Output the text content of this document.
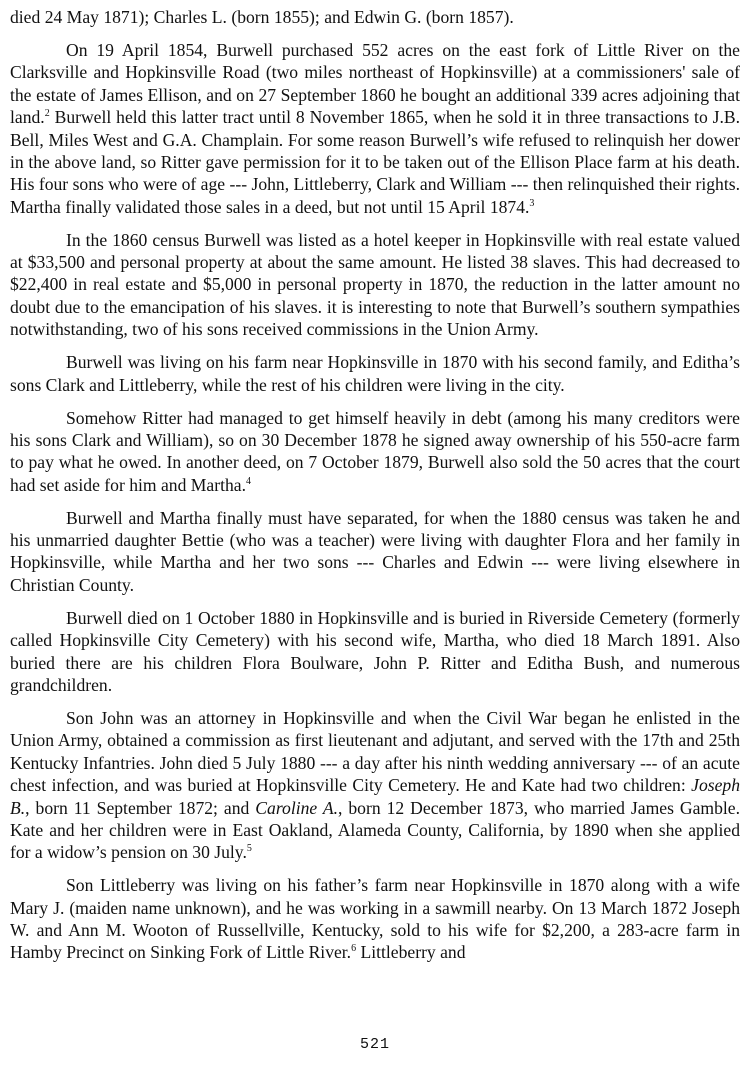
died 24 May 1871); Charles L. (born 1855); and Edwin G. (born 1857).

On 19 April 1854, Burwell purchased 552 acres on the east fork of Little River on the Clarksville and Hopkinsville Road (two miles northeast of Hopkinsville) at a commissioners' sale of the estate of James Ellison, and on 27 September 1860 he bought an additional 339 acres adjoining that land.$^2$ Burwell held this latter tract until 8 November 1865, when he sold it in three transactions to J.B. Bell, Miles West and G.A. Champlain. For some reason Burwell’s wife refused to relinquish her dower in the above land, so Ritter gave permission for it to be taken out of the Ellison Place farm at his death. His four sons who were of age --- John, Littleberry, Clark and William --- then relinquished their rights. Martha finally validated those sales in a deed, but not until 15 April 1874.$^3$

In the 1860 census Burwell was listed as a hotel keeper in Hopkinsville with real estate valued at $33,500 and personal property at about the same amount. He listed 38 slaves. This had decreased to $22,400 in real estate and $5,000 in personal property in 1870, the reduction in the latter amount no doubt due to the emancipation of his slaves. it is interesting to note that Burwell’s southern sympathies notwithstanding, two of his sons received commissions in the Union Army.

Burwell was living on his farm near Hopkinsville in 1870 with his second family, and Editha’s sons Clark and Littleberry, while the rest of his children were living in the city.

Somehow Ritter had managed to get himself heavily in debt (among his many creditors were his sons Clark and William), so on 30 December 1878 he signed away ownership of his 550-acre farm to pay what he owed. In another deed, on 7 October 1879, Burwell also sold the 50 acres that the court had set aside for him and Martha.$^4$

Burwell and Martha finally must have separated, for when the 1880 census was taken he and his unmarried daughter Bettie (who was a teacher) were living with daughter Flora and her family in Hopkinsville, while Martha and her two sons --- Charles and Edwin --- were living elsewhere in Christian County.

Burwell died on 1 October 1880 in Hopkinsville and is buried in Riverside Cemetery (formerly called Hopkinsville City Cemetery) with his second wife, Martha, who died 18 March 1891. Also buried there are his children Flora Boulware, John P. Ritter and Editha Bush, and numerous grandchildren.

Son John was an attorney in Hopkinsville and when the Civil War began he enlisted in the Union Army, obtained a commission as first lieutenant and adjutant, and served with the 17th and 25th Kentucky Infantries. John died 5 July 1880 --- a day after his ninth wedding anniversary --- of an acute chest infection, and was buried at Hopkinsville City Cemetery. He and Kate had two children: Joseph B., born 11 September 1872; and Caroline A., born 12 December 1873, who married James Gamble. Kate and her children were in East Oakland, Alameda County, California, by 1890 when she applied for a widow’s pension on 30 July.$^5$

Son Littleberry was living on his father’s farm near Hopkinsville in 1870 along with a wife Mary J. (maiden name unknown), and he was working in a sawmill nearby. On 13 March 1872 Joseph W. and Ann M. Wooton of Russellville, Kentucky, sold to his wife for $2,200, a 283-acre farm in Hamby Precinct on Sinking Fork of Little River.$^6$ Littleberry and

521
